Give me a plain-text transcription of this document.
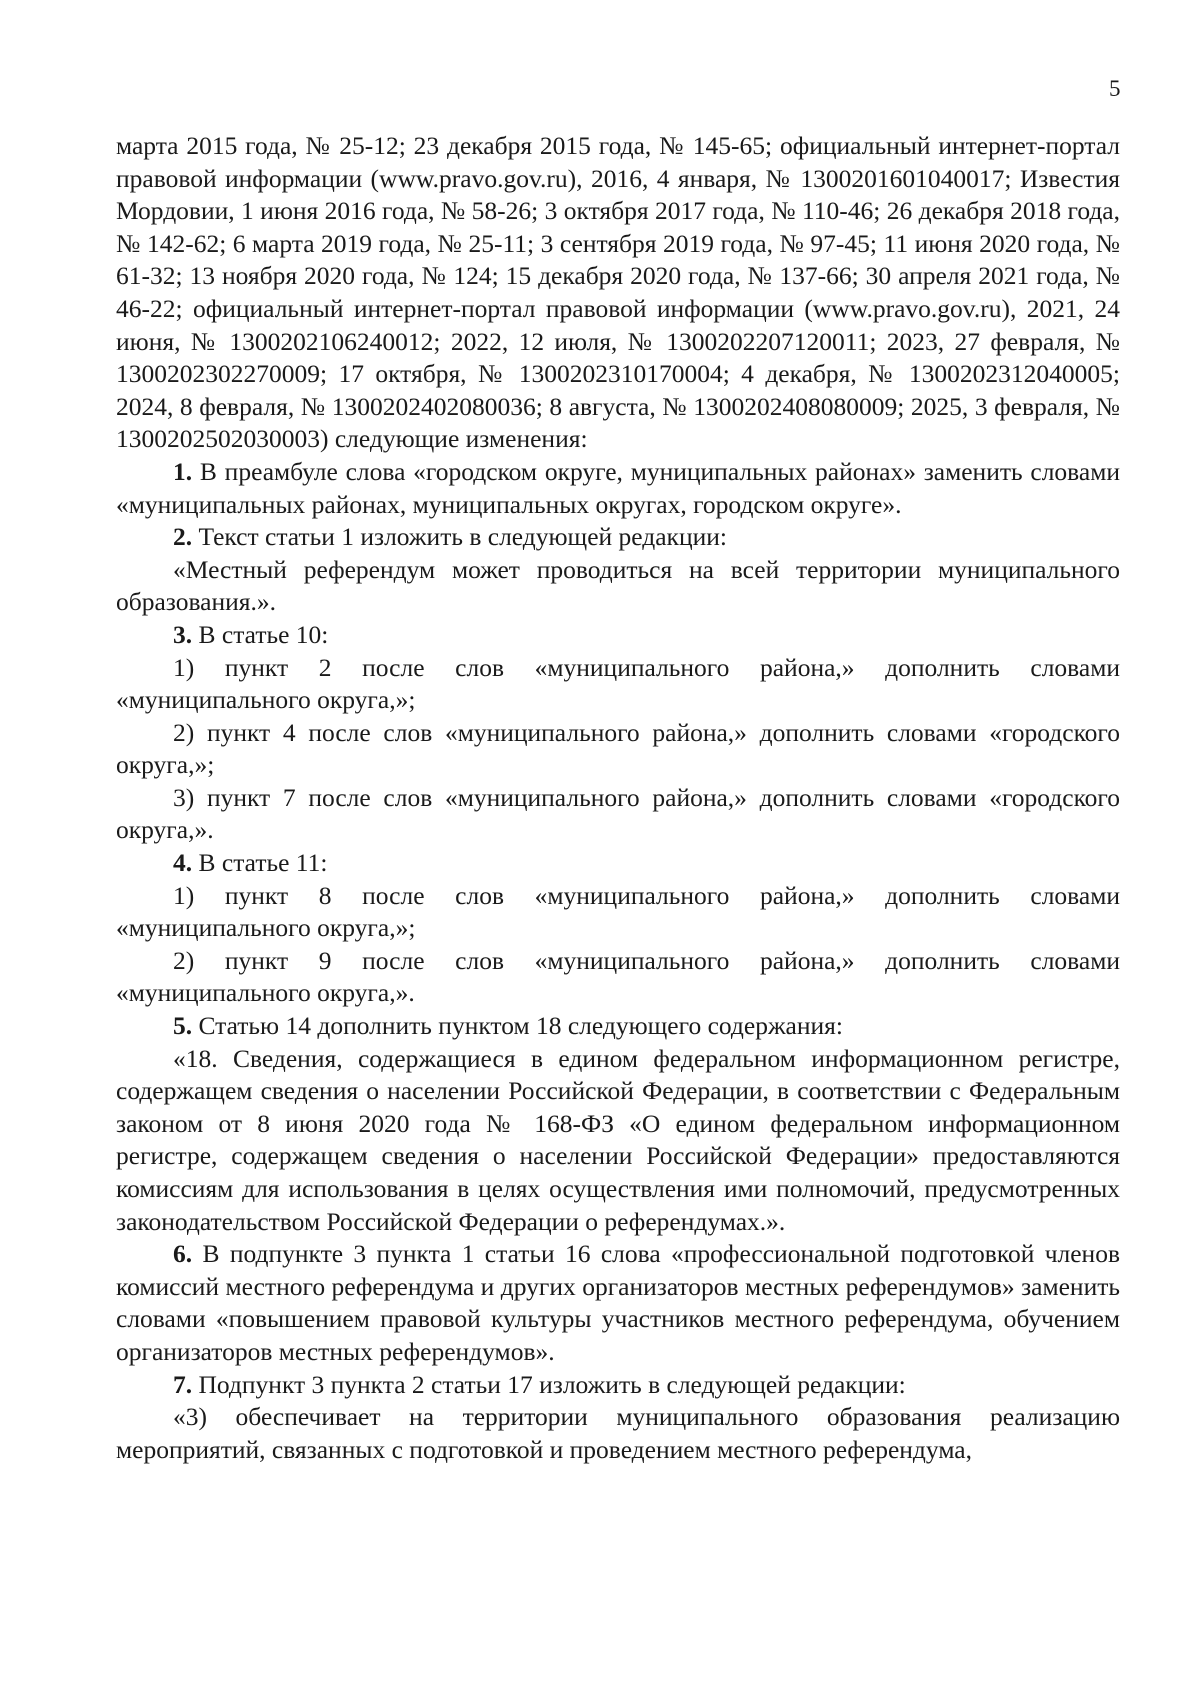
5

марта 2015 года, № 25-12; 23 декабря 2015 года, № 145-65; официальный интернет-портал правовой информации (www.pravo.gov.ru), 2016, 4 января, № 1300201601040017; Известия Мордовии, 1 июня 2016 года, № 58-26; 3 октября 2017 года, № 110-46; 26 декабря 2018 года, № 142-62; 6 марта 2019 года, № 25-11; 3 сентября 2019 года, № 97-45; 11 июня 2020 года, № 61-32; 13 ноября 2020 года, № 124; 15 декабря 2020 года, № 137-66; 30 апреля 2021 года, № 46-22; официальный интернет-портал правовой информации (www.pravo.gov.ru), 2021, 24 июня, № 1300202106240012; 2022, 12 июля, № 1300202207120011; 2023, 27 февраля, № 1300202302270009; 17 октября, № 1300202310170004; 4 декабря, № 1300202312040005; 2024, 8 февраля, № 1300202402080036; 8 августа, № 1300202408080009; 2025, 3 февраля, № 1300202502030003) следующие изменения:

1. В преамбуле слова «городском округе, муниципальных районах» заменить словами «муниципальных районах, муниципальных округах, городском округе».

2. Текст статьи 1 изложить в следующей редакции:

«Местный референдум может проводиться на всей территории муниципального образования.».

3. В статье 10:

1) пункт 2 после слов «муниципального района,» дополнить словами «муниципального округа,»;

2) пункт 4 после слов «муниципального района,» дополнить словами «городского округа,»;

3) пункт 7 после слов «муниципального района,» дополнить словами «городского округа,».

4. В статье 11:

1) пункт 8 после слов «муниципального района,» дополнить словами «муниципального округа,»;

2) пункт 9 после слов «муниципального района,» дополнить словами «муниципального округа,».

5. Статью 14 дополнить пунктом 18 следующего содержания:

«18. Сведения, содержащиеся в едином федеральном информационном регистре, содержащем сведения о населении Российской Федерации, в соответствии с Федеральным законом от 8 июня 2020 года № 168-ФЗ «О едином федеральном информационном регистре, содержащем сведения о населении Российской Федерации» предоставляются комиссиям для использования в целях осуществления ими полномочий, предусмотренных законодательством Российской Федерации о референдумах.».

6. В подпункте 3 пункта 1 статьи 16 слова «профессиональной подготовкой членов комиссий местного референдума и других организаторов местных референдумов» заменить словами «повышением правовой культуры участников местного референдума, обучением организаторов местных референдумов».

7. Подпункт 3 пункта 2 статьи 17 изложить в следующей редакции:

«3) обеспечивает на территории муниципального образования реализацию мероприятий, связанных с подготовкой и проведением местного референдума,
